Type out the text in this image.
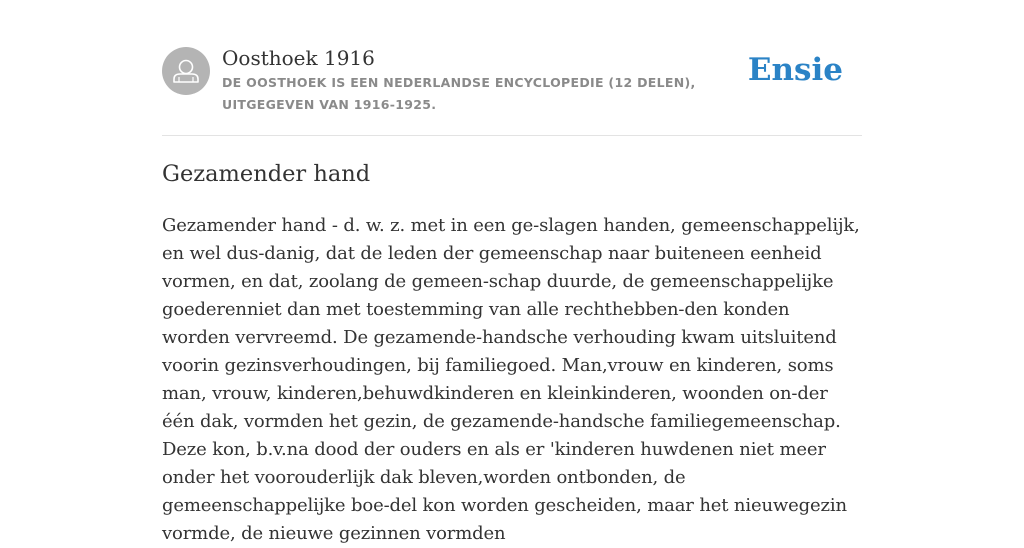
Oosthoek 1916
DE OOSTHOEK IS EEN NEDERLANDSE ENCYCLOPEDIE (12 DELEN), UITGEGEVEN VAN 1916-1925.
Ensie
Gezamender hand

Gezamender hand - d. w. z. met in een ge-slagen handen, gemeenschappelijk, en wel dus-danig, dat de leden der gemeenschap naar buiteneen eenheid vormen, en dat, zoolang de gemeen-schap duurde, de gemeenschappelijke goederenniet dan met toestemming van alle rechthebben-den konden worden vervreemd. De gezamende-handsche verhouding kwam uitsluitend voorin gezinsverhoudingen, bij familiegoed. Man,vrouw en kinderen, soms man, vrouw, kinderen,behuwdkinderen en kleinkinderen, woonden on-der één dak, vormden het gezin, de gezamende-handsche familiegemeenschap. Deze kon, b.v.na dood der ouders en als er 'kinderen huwdenen niet meer onder het voorouderlijk dak bleven,worden ontbonden, de gemeenschappelijke boe-del kon worden gescheiden, maar het nieuwegezin vormde, de nieuwe gezinnen vormden
